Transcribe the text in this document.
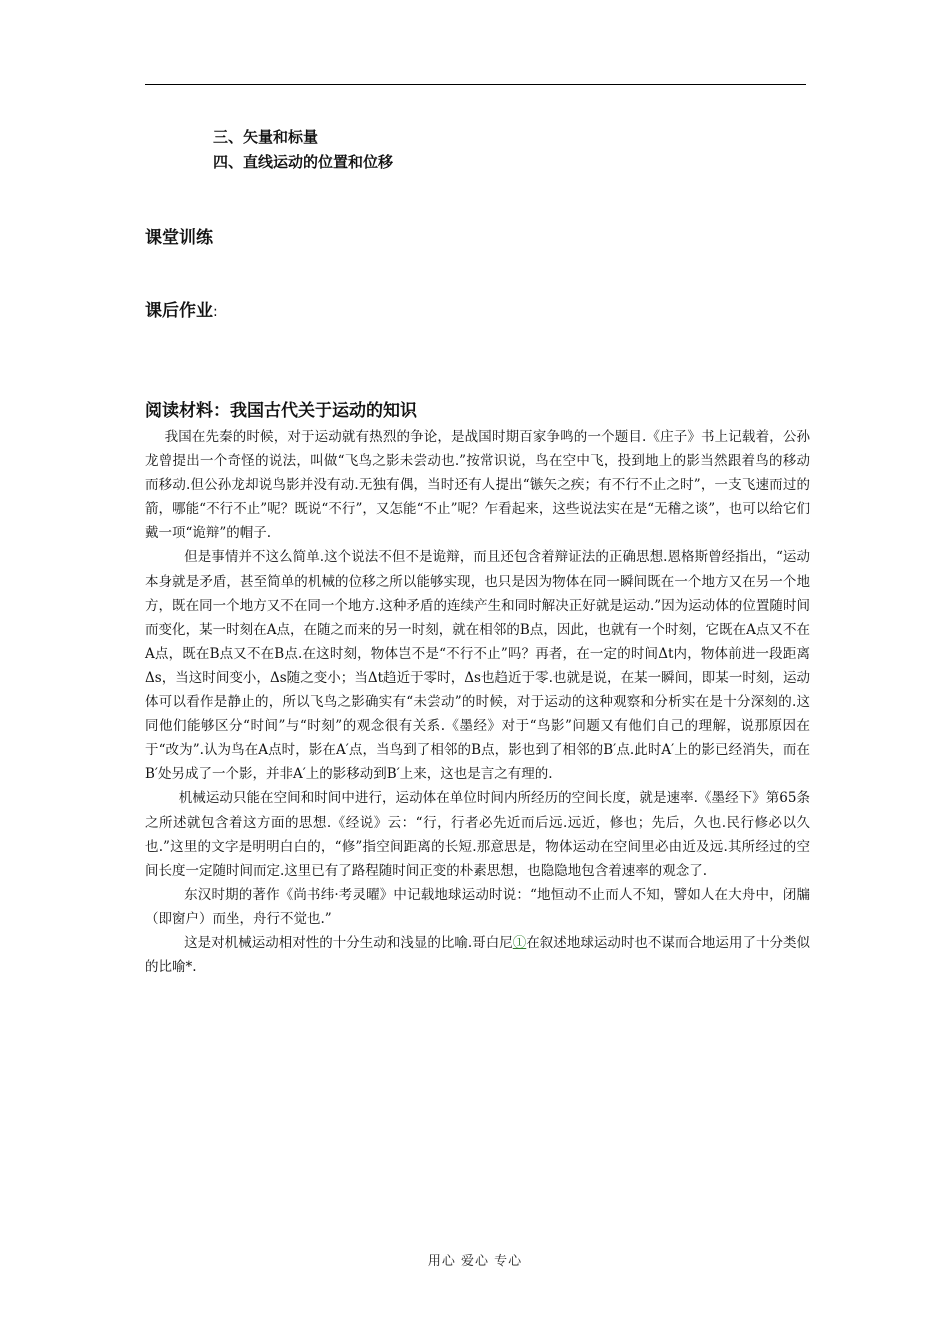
三、矢量和标量
四、直线运动的位置和位移
课堂训练
课后作业:
阅读材料：我国古代关于运动的知识

我国在先秦的时候，对于运动就有热烈的争论，是战国时期百家争鸣的一个题目.《庄子》书上记载着，公孙龙曾提出一个奇怪的说法，叫做“飞鸟之影未尝动也.”按常识说，鸟在空中飞，投到地上的影当然跟着鸟的移动而移动.但公孙龙却说鸟影并没有动.无独有偶，当时还有人提出“镞矢之疾；有不行不止之时”，一支飞速而过的箭，哪能“不行不止”呢？既说“不行”，又怎能“不止”呢？乍看起来，这些说法实在是“无稽之谈”，也可以给它们戴一项“诡辩”的帽子.

但是事情并不这么简单.这个说法不但不是诡辩，而且还包含着辩证法的正确思想.恩格斯曾经指出，“运动本身就是矛盾，甚至简单的机械的位移之所以能够实现，也只是因为物体在同一瞬间既在一个地方又在另一个地方，既在同一个地方又不在同一个地方.这种矛盾的连续产生和同时解决正好就是运动.”因为运动体的位置随时间而变化，某一时刻在A点，在随之而来的另一时刻，就在相邻的B点，因此，也就有一个时刻，它既在A点又不在A点，既在B点又不在B点.在这时刻，物体岂不是“不行不止”吗？再者，在一定的时间Δt内，物体前进一段距离Δs，当这时间变小，Δs随之变小；当Δt趋近于零时，Δs也趋近于零.也就是说，在某一瞬间，即某一时刻，运动体可以看作是静止的，所以飞鸟之影确实有“未尝动”的时候，对于运动的这种观察和分析实在是十分深刻的.这同他们能够区分“时间”与“时刻”的观念很有关系.《墨经》对于“鸟影”问题又有他们自己的理解，说那原因在于“改为”.认为鸟在A点时，影在A′点，当鸟到了相邻的B点，影也到了相邻的B′点.此时A′上的影已经消失，而在B′处另成了一个影，并非A′上的影移动到B′上来，这也是言之有理的.

机械运动只能在空间和时间中进行，运动体在单位时间内所经历的空间长度，就是速率.《墨经下》第65条之所述就包含着这方面的思想.《经说》云：“行，行者必先近而后远.远近，修也；先后，久也.民行修必以久也.”这里的文字是明明白白的，“修”指空间距离的长短.那意思是，物体运动在空间里必由近及远.其所经过的空间长度一定随时间而定.这里已有了路程随时间正变的朴素思想，也隐隐地包含着速率的观念了.

东汉时期的著作《尚书纬·考灵曜》中记载地球运动时说：“地恒动不止而人不知，譬如人在大舟中，闭牖（即窗户）而坐，舟行不觉也.”

这是对机械运动相对性的十分生动和浅显的比喻.哥白尼①在叙述地球运动时也不谋而合地运用了十分类似的比喻*.

用心 爱心 专心
